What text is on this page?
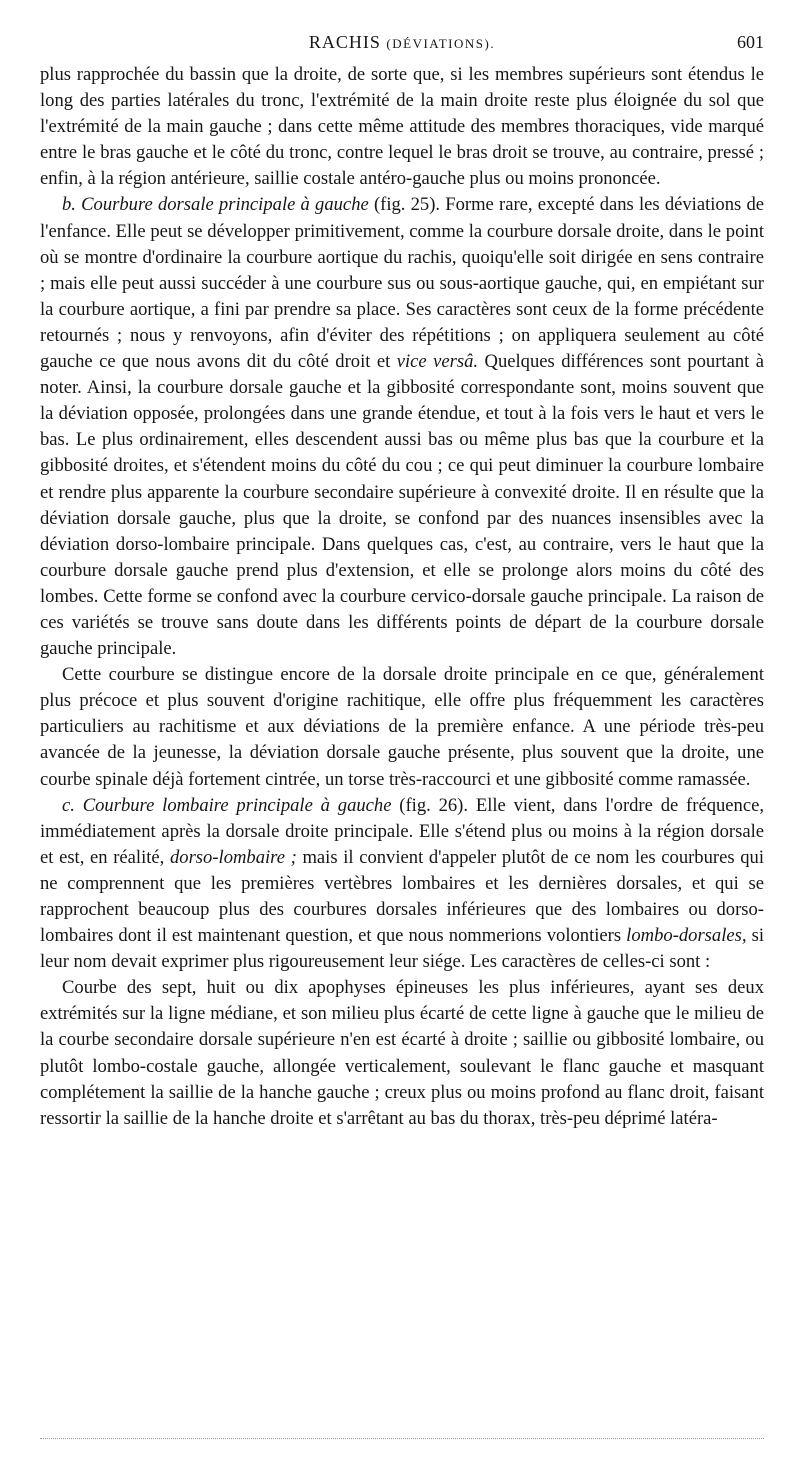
RACHIS (DÉVIATIONS).	601

plus rapprochée du bassin que la droite, de sorte que, si les membres supérieurs sont étendus le long des parties latérales du tronc, l'extrémité de la main droite reste plus éloignée du sol que l'extrémité de la main gauche ; dans cette même attitude des membres thoraciques, vide marqué entre le bras gauche et le côté du tronc, contre lequel le bras droit se trouve, au contraire, pressé ; enfin, à la région antérieure, saillie costale antéro-gauche plus ou moins prononcée.

b. Courbure dorsale principale à gauche (fig. 25). Forme rare, excepté dans les déviations de l'enfance. Elle peut se développer primitivement, comme la courbure dorsale droite, dans le point où se montre d'ordinaire la courbure aortique du rachis, quoiqu'elle soit dirigée en sens contraire ; mais elle peut aussi succéder à une courbure sus ou sous-aortique gauche, qui, en empiétant sur la courbure aortique, a fini par prendre sa place. Ses caractères sont ceux de la forme précédente retournés ; nous y renvoyons, afin d'éviter des répétitions ; on appliquera seulement au côté gauche ce que nous avons dit du côté droit et vice versâ. Quelques différences sont pourtant à noter. Ainsi, la courbure dorsale gauche et la gibbosité correspondante sont, moins souvent que la déviation opposée, prolongées dans une grande étendue, et tout à la fois vers le haut et vers le bas. Le plus ordinairement, elles descendent aussi bas ou même plus bas que la courbure et la gibbosité droites, et s'étendent moins du côté du cou ; ce qui peut diminuer la courbure lombaire et rendre plus apparente la courbure secondaire supérieure à convexité droite. Il en résulte que la déviation dorsale gauche, plus que la droite, se confond par des nuances insensibles avec la déviation dorso-lombaire principale. Dans quelques cas, c'est, au contraire, vers le haut que la courbure dorsale gauche prend plus d'extension, et elle se prolonge alors moins du côté des lombes. Cette forme se confond avec la courbure cervico-dorsale gauche principale. La raison de ces variétés se trouve sans doute dans les différents points de départ de la courbure dorsale gauche principale.

Cette courbure se distingue encore de la dorsale droite principale en ce que, généralement plus précoce et plus souvent d'origine rachitique, elle offre plus fréquemment les caractères particuliers au rachitisme et aux déviations de la première enfance. A une période très-peu avancée de la jeunesse, la déviation dorsale gauche présente, plus souvent que la droite, une courbe spinale déjà fortement cintrée, un torse très-raccourci et une gibbosité comme ramassée.

c. Courbure lombaire principale à gauche (fig. 26). Elle vient, dans l'ordre de fréquence, immédiatement après la dorsale droite principale. Elle s'étend plus ou moins à la région dorsale et est, en réalité, dorso-lombaire ; mais il convient d'appeler plutôt de ce nom les courbures qui ne comprennent que les premières vertèbres lombaires et les dernières dorsales, et qui se rapprochent beaucoup plus des courbures dorsales inférieures que des lombaires ou dorso-lombaires dont il est maintenant question, et que nous nommerions volontiers lombo-dorsales, si leur nom devait exprimer plus rigoureusement leur siége. Les caractères de celles-ci sont :

Courbe des sept, huit ou dix apophyses épineuses les plus inférieures, ayant ses deux extrémités sur la ligne médiane, et son milieu plus écarté de cette ligne à gauche que le milieu de la courbe secondaire dorsale supérieure n'en est écarté à droite ; saillie ou gibbosité lombaire, ou plutôt lombo-costale gauche, allongée verticalement, soulevant le flanc gauche et masquant complétement la saillie de la hanche gauche ; creux plus ou moins profond au flanc droit, faisant ressortir la saillie de la hanche droite et s'arrêtant au bas du thorax, très-peu déprimé latéra-
